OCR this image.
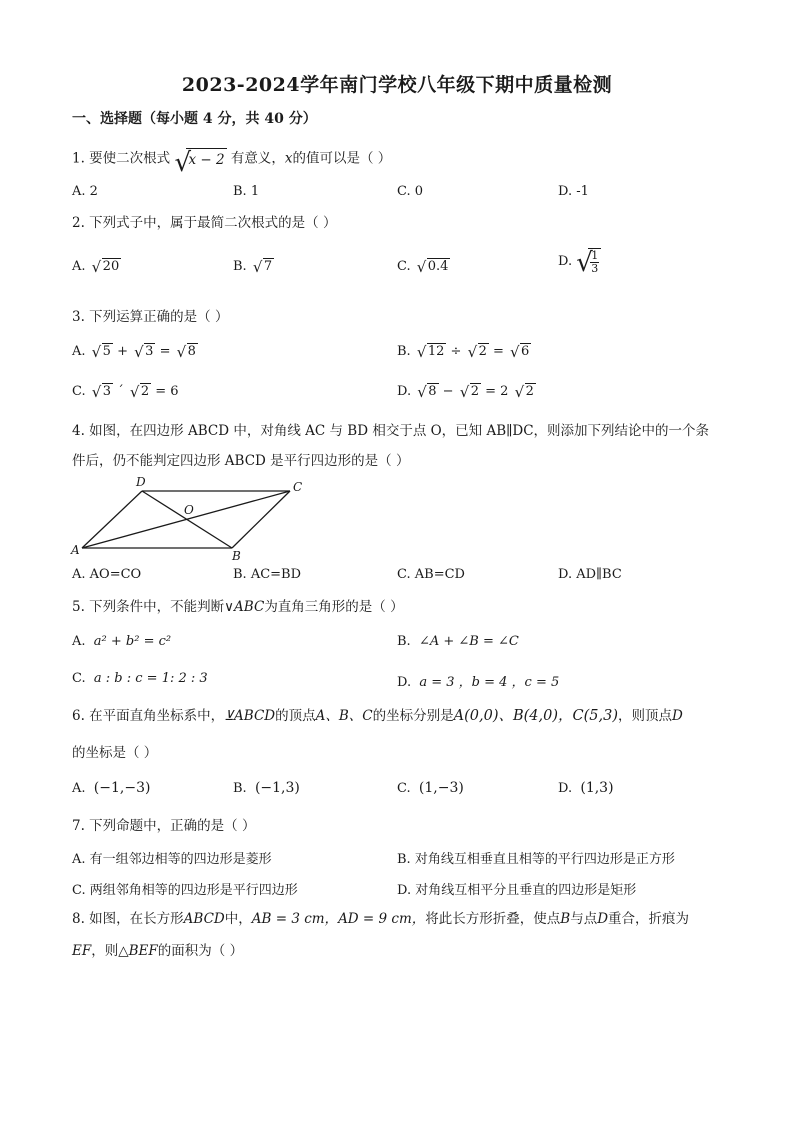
2023-2024学年南门学校八年级下期中质量检测
一、选择题（每小题 4 分，共 40 分）
1. 要使二次根式 √
x − 2 有意义，x的值可以是（ ）
A. 2	B. 1	C. 0	D. -1
2. 下列式子中，属于最简二次根式的是（ ）
A. √ 20	B. √ 7	C. √ 0.4	D. √
$\frac{1}{3}$
3. 下列运算正确的是（ ）
A. √ 5 + √ 3 = √ 8	B. √ 12 ÷ √ 2 = √ 6
C. √ 3 ´ √ 2 = 6	D. √ 8 − √ 2 = 2 √ 2
4. 如图，在四边形 ABCD 中，对角线 AC 与 BD 相交于点 O，已知 AB∥DC，则添加下列结论中的一个条
件后，仍不能判定四边形 ABCD 是平行四边形的是（ ）
A	B
C
D
O
A. AO=CO	B. AC=BD	C. AB=CD	D. AD∥BC
5. 下列条件中，不能判断∨ABC为直角三角形的是（ ）
A. a² + b² = c²	B. ∠A + ∠B = ∠C
C. a : b : c = 1: 2 : 3	D. a = 3 ，b = 4 ，c = 5
6. 在平面直角坐标系中，⊻ABCD的顶点A、B、C的坐标分别是A(0,0)、B(4,0)，C(5,3)，则顶点D
的坐标是（ ）
A. (−1,−3)	B. (−1,3)	C. (1,−3)	D. (1,3)
7. 下列命题中，正确的是（ ）
A. 有一组邻边相等的四边形是菱形	B. 对角线互相垂直且相等的平行四边形是正方形
C. 两组邻角相等的四边形是平行四边形	D. 对角线互相平分且垂直的四边形是矩形
8. 如图，在长方形ABCD中，AB = 3 cm，AD = 9 cm，将此长方形折叠，使点B与点D重合，折痕为
EF，则△BEF的面积为（ ）
